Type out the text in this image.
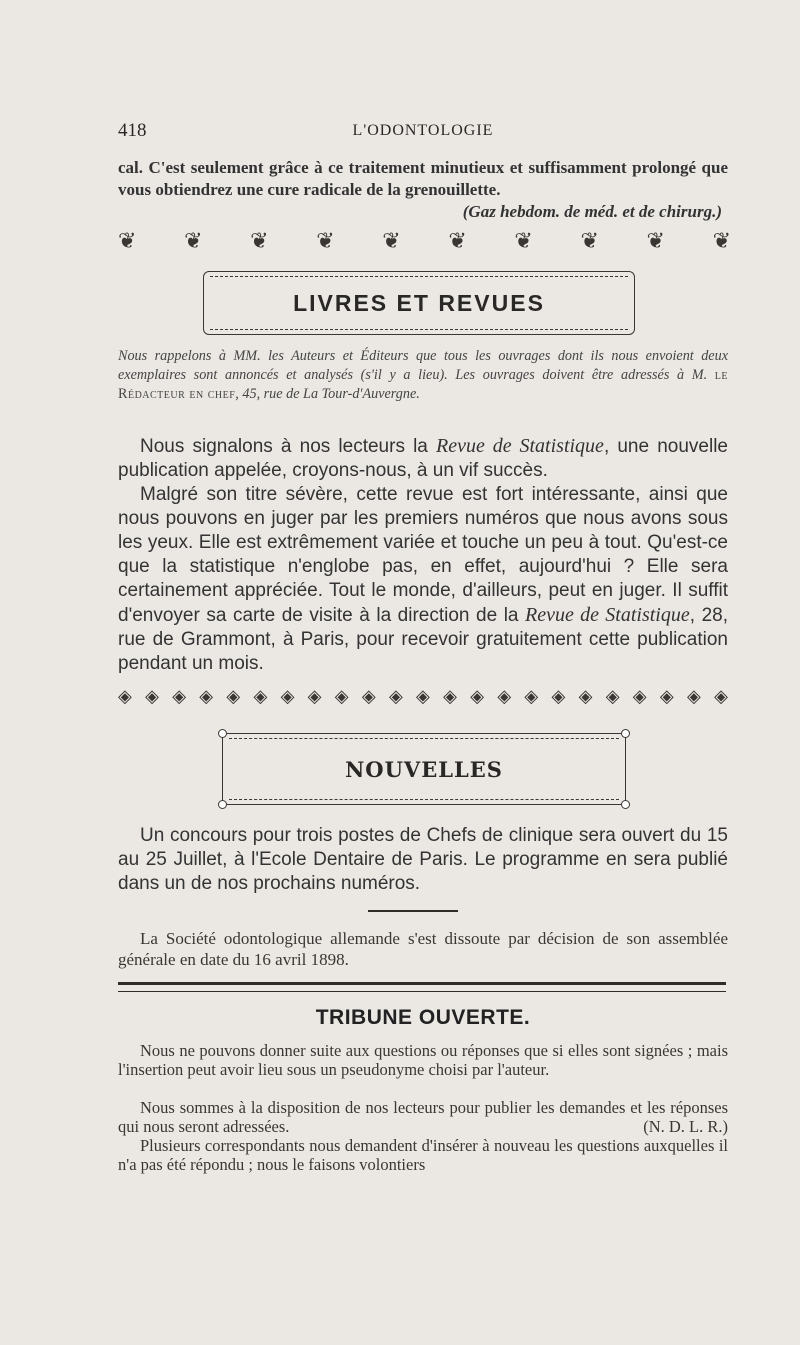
418	L'ODONTOLOGIE

cal. C'est seulement grâce à ce traitement minutieux et suffisamment prolongé que vous obtiendrez une cure radicale de la grenouillette.
(Gaz hebdom. de méd. et de chirurg.)

❦ ❦ ❦ ❦ ❦ ❦ ❦ ❦ ❦ ❦
LIVRES ET REVUES

Nous rappelons à MM. les Auteurs et Éditeurs que tous les ouvrages dont ils nous envoient deux exemplaires sont annoncés et analysés (s'il y a lieu). Les ouvrages doivent être adressés à M. le Rédacteur en chef, 45, rue de La Tour-d'Auvergne.

Nous signalons à nos lecteurs la Revue de Statistique, une nouvelle publication appelée, croyons-nous, à un vif succès.

Malgré son titre sévère, cette revue est fort intéressante, ainsi que nous pouvons en juger par les premiers numéros que nous avons sous les yeux. Elle est extrêmement variée et touche un peu à tout. Qu'est-ce que la statistique n'englobe pas, en effet, aujourd'hui ? Elle sera certainement appréciée. Tout le monde, d'ailleurs, peut en juger. Il suffit d'envoyer sa carte de visite à la direction de la Revue de Statistique, 28, rue de Grammont, à Paris, pour recevoir gratuitement cette publication pendant un mois.

◈ ◈ ◈ ◈ ◈ ◈ ◈ ◈ ◈ ◈ ◈ ◈ ◈ ◈ ◈ ◈ ◈ ◈ ◈ ◈ ◈ ◈ ◈
NOUVELLES

Un concours pour trois postes de Chefs de clinique sera ouvert du 15 au 25 Juillet, à l'Ecole Dentaire de Paris. Le programme en sera publié dans un de nos prochains numéros.

La Société odontologique allemande s'est dissoute par décision de son assemblée générale en date du 16 avril 1898.

TRIBUNE OUVERTE.

Nous ne pouvons donner suite aux questions ou réponses que si elles sont signées ; mais l'insertion peut avoir lieu sous un pseudonyme choisi par l'auteur.

Nous sommes à la disposition de nos lecteurs pour publier les demandes et les réponses qui nous seront adressées.	(N. D. L. R.)

Plusieurs correspondants nous demandent d'insérer à nouveau les questions auxquelles il n'a pas été répondu ; nous le faisons volontiers
